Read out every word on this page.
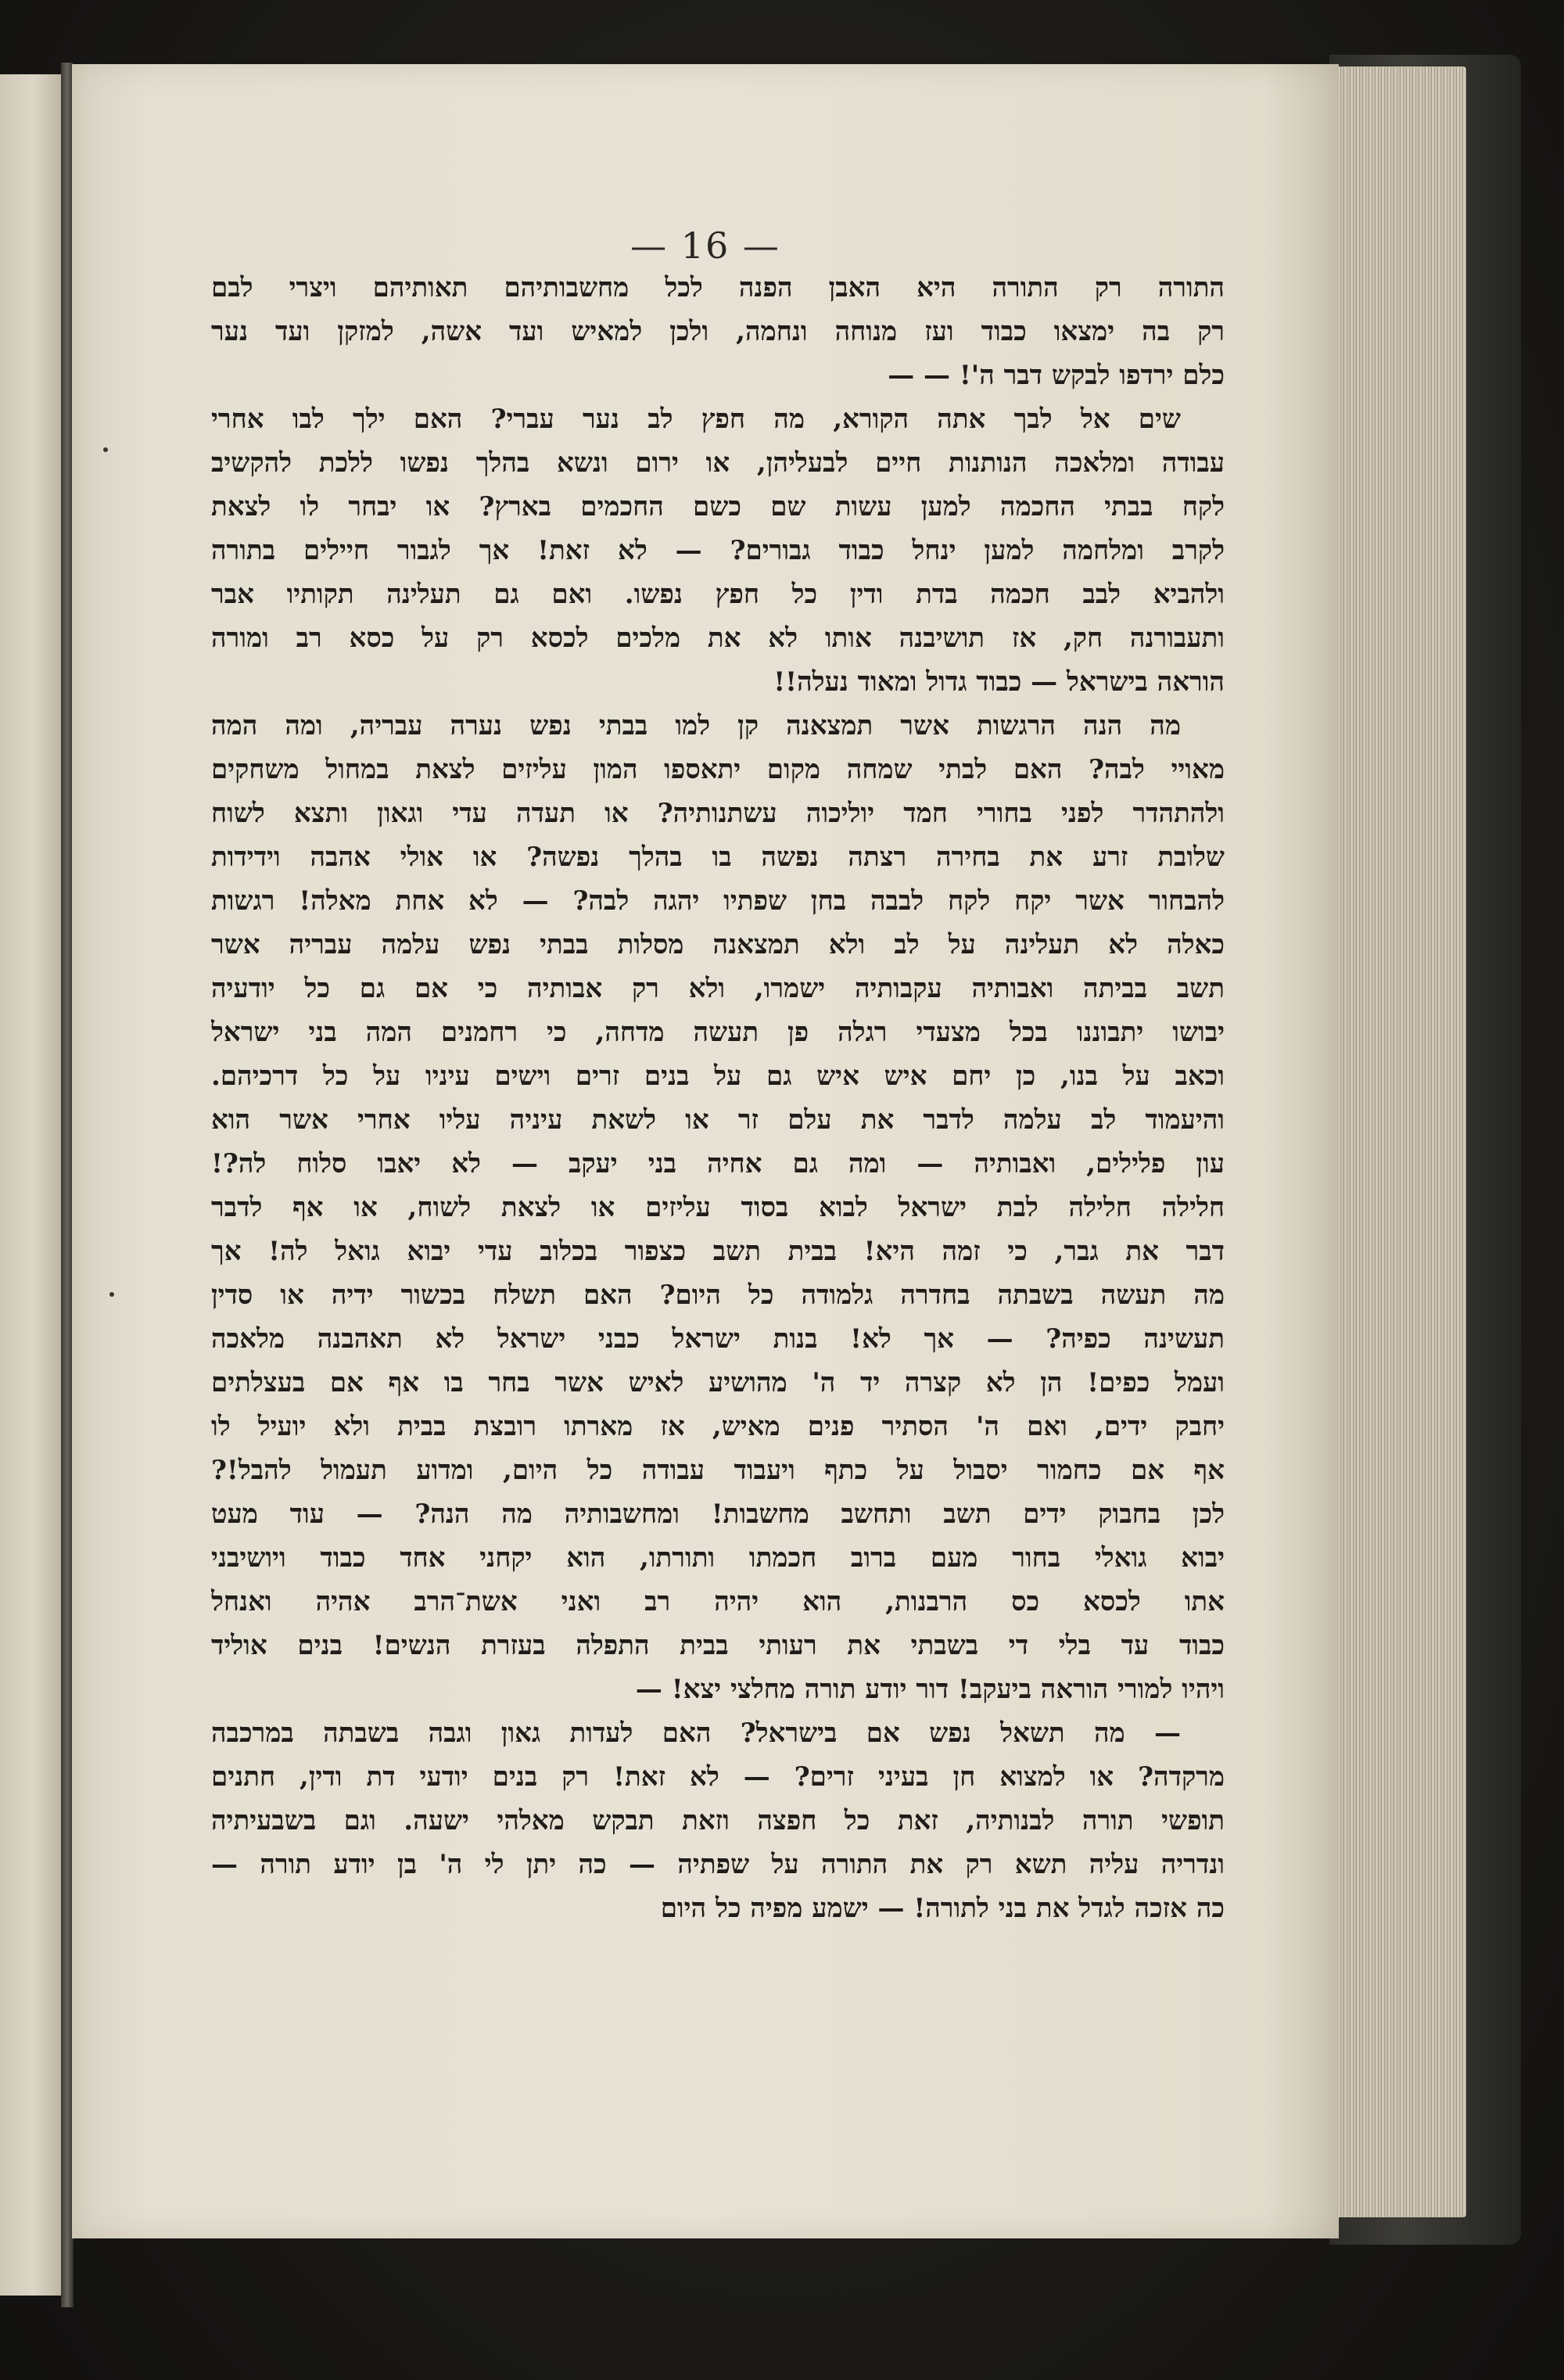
— 16 —
התורה רק התורה היא האבן הפנה לכל מחשבותיהם תאותיהם ויצרי לבם
רק בה ימצאו כבוד ועז מנוחה ונחמה, ולכן למאיש ועד אשה, למזקן ועד נער
כלם ירדפו לבקש דבר ה'! — —
שים אל לבך אתה הקורא, מה חפץ לב נער עברי? האם ילך לבו אחרי
עבודה ומלאכה הנותנות חיים לבעליהן, או ירום ונשא בהלך נפשו ללכת להקשיב
לקח בבתי החכמה למען עשות שם כשם החכמים בארץ? או יבחר לו לצאת
לקרב ומלחמה למען ינחל כבוד גבורים? — לא זאת! אך לגבור חיילים בתורה
ולהביא לבב חכמה בדת ודין כל חפץ נפשו. ואם גם תעלינה תקותיו אבר
ותעבורנה חק, אז תושיבנה אותו לא את מלכים לכסא רק על כסא רב ומורה
הוראה בישראל — כבוד גדול ומאוד נעלה!!
מה הנה הרגשות אשר תמצאנה קן למו בבתי נפש נערה עבריה, ומה המה
מאויי לבה? האם לבתי שמחה מקום יתאספו המון עליזים לצאת במחול משחקים
ולהתהדר לפני בחורי חמד יוליכוה עשתנותיה? או תעדה עדי וגאון ותצא לשוח
שלובת זרע את בחירה רצתה נפשה בו בהלך נפשה? או אולי אהבה וידידות
להבחור אשר יקח לקח לבבה בחן שפתיו יהגה לבה? — לא אחת מאלה! רגשות
כאלה לא תעלינה על לב ולא תמצאנה מסלות בבתי נפש עלמה עבריה אשר
תשב בביתה ואבותיה עקבותיה ישמרו, ולא רק אבותיה כי אם גם כל יודעיה
יבושו יתבוננו בכל מצעדי רגלה פן תעשה מדחה, כי רחמנים המה בני ישראל
וכאב על בנו, כן יחם איש איש גם על בנים זרים וישים עיניו על כל דרכיהם.
והיעמוד לב עלמה לדבר את עלם זר או לשאת עיניה עליו אחרי אשר הוא
עון פלילים, ואבותיה — ומה גם אחיה בני יעקב — לא יאבו סלוח לה?!
חלילה חלילה לבת ישראל לבוא בסוד עליזים או לצאת לשוח, או אף לדבר
דבר את גבר, כי זמה היא! בבית תשב כצפור בכלוב עדי יבוא גואל לה! אך
מה תעשה בשבתה בחדרה גלמודה כל היום? האם תשלח בכשור ידיה או סדין
תעשינה כפיה? — אך לא! בנות ישראל כבני ישראל לא תאהבנה מלאכה
ועמל כפים! הן לא קצרה יד ה' מהושיע לאיש אשר בחר בו אף אם בעצלתים
יחבק ידים, ואם ה' הסתיר פנים מאיש, אז מארתו רובצת בבית ולא יועיל לו
אף אם כחמור יסבול על כתף ויעבוד עבודה כל היום, ומדוע תעמול להבל!?
לכן בחבוק ידים תשב ותחשב מחשבות! ומחשבותיה מה הנה? — עוד מעט
יבוא גואלי בחור מעם ברוב חכמתו ותורתו, הוא יקחני אחד כבוד ויושיבני
אתו לכסא כס הרבנות, הוא יהיה רב ואני אשת־הרב אהיה ואנחל
כבוד עד בלי די בשבתי את רעותי בבית התפלה בעזרת הנשים! בנים אוליד
ויהיו למורי הוראה ביעקב! דור יודע תורה מחלצי יצא! —
— מה תשאל נפש אם בישראל? האם לעדות גאון וגבה בשבתה במרכבה
מרקדה? או למצוא חן בעיני זרים? — לא זאת! רק בנים יודעי דת ודין, חתנים
תופשי תורה לבנותיה, זאת כל חפצה וזאת תבקש מאלהי ישעה. וגם בשבעיתיה
ונדריה עליה תשא רק את התורה על שפתיה — כה יתן לי ה' בן יודע תורה —
כה אזכה לגדל את בני לתורה! — ישמע מפיה כל היום
